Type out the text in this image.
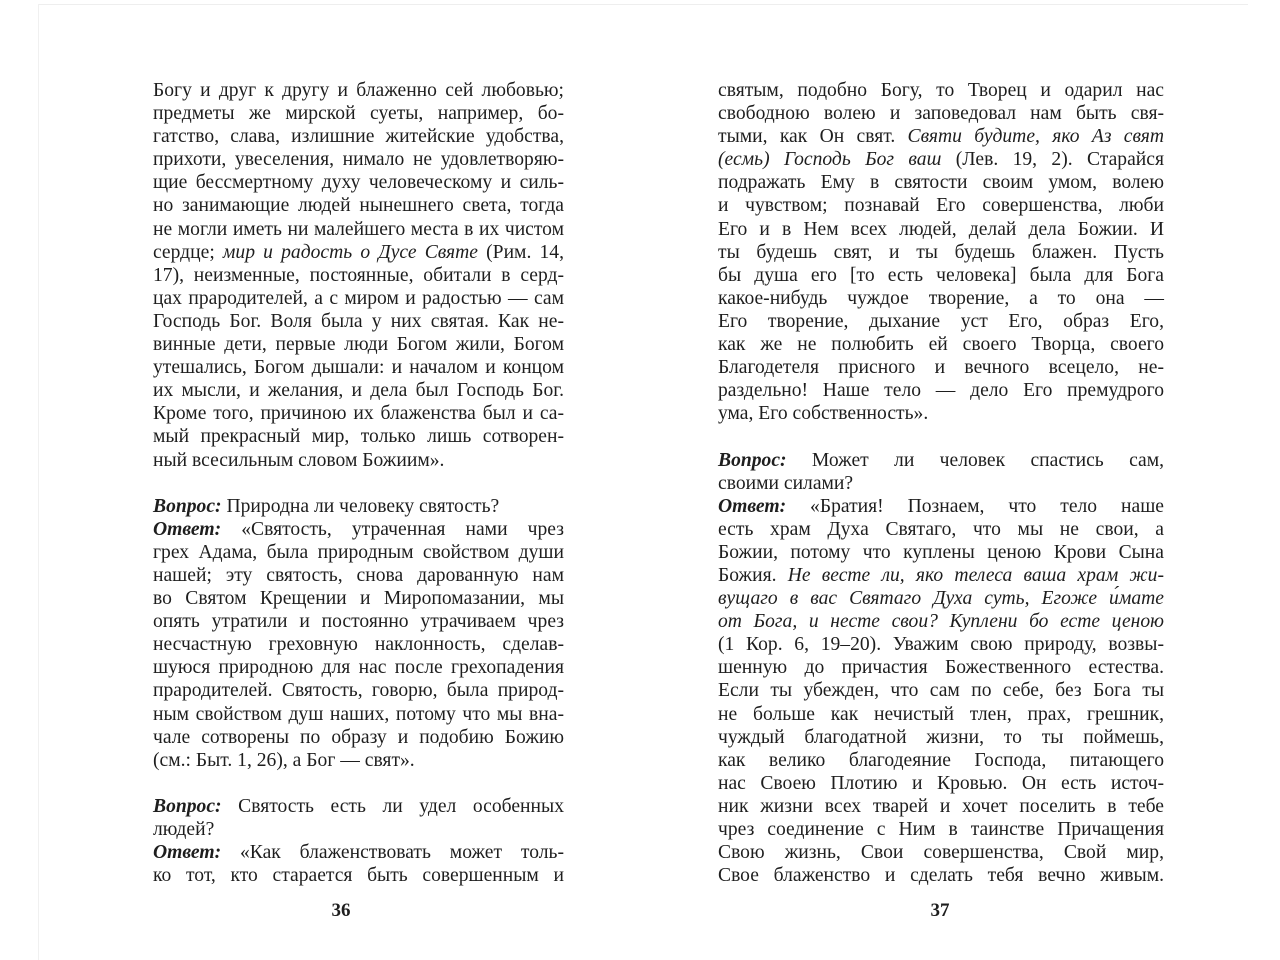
Богу и друг к другу и блаженно сей любовью;
предметы же мирской суеты, например, бо-
гатство, слава, излишние житейские удобства,
прихоти, увеселения, нимало не удовлетворяю-
щие бессмертному духу человеческому и силь-
но занимающие людей нынешнего света, тогда
не могли иметь ни малейшего места в их чистом
сердце; мир и радость о Дусе Святе (Рим. 14,
17), неизменные, постоянные, обитали в серд-
цах прародителей, а с миром и радостью — сам
Господь Бог. Воля была у них святая. Как не-
винные дети, первые люди Богом жили, Богом
утешались, Богом дышали: и началом и концом
их мысли, и желания, и дела был Господь Бог.
Кроме того, причиною их блаженства был и са-
мый прекрасный мир, только лишь сотворен-
ный всесильным словом Божиим».
Вопрос: Природна ли человеку святость?
Ответ: «Святость, утраченная нами чрез
грех Адама, была природным свойством души
нашей; эту святость, снова дарованную нам
во Святом Крещении и Миропомазании, мы
опять утратили и постоянно утрачиваем чрез
несчастную греховную наклонность, сделав-
шуюся природною для нас после грехопадения
прародителей. Святость, говорю, была природ-
ным свойством душ наших, потому что мы вна-
чале сотворены по образу и подобию Божию
(см.: Быт. 1, 26), а Бог — свят».
Вопрос: Святость есть ли удел особенных
людей?
Ответ: «Как блаженствовать может толь-
ко тот, кто старается быть совершенным и
36
святым, подобно Богу, то Творец и одарил нас
свободною волею и заповедовал нам быть свя-
тыми, как Он свят. Святи будите, яко Аз свят
(есмь) Господь Бог ваш (Лев. 19, 2). Старайся
подражать Ему в святости своим умом, волею
и чувством; познавай Его совершенства, люби
Его и в Нем всех людей, делай дела Божии. И
ты будешь свят, и ты будешь блажен. Пусть
бы душа его [то есть человека] была для Бога
какое-нибудь чуждое творение, а то она —
Его творение, дыхание уст Его, образ Его,
как же не полюбить ей своего Творца, своего
Благодетеля присного и вечного всецело, не-
раздельно! Наше тело — дело Его премудрого
ума, Его собственность».
Вопрос: Может ли человек спастись сам,
своими силами?
Ответ: «Братия! Познаем, что тело наше
есть храм Духа Святаго, что мы не свои, а
Божии, потому что куплены ценою Крови Сына
Божия. Не весте ли, яко телеса ваша храм жи-
вущаго в вас Святаго Духа суть, Егоже и́мате
от Бога, и несте свои? Куплени бо есте ценою
(1 Кор. 6, 19–20). Уважим свою природу, возвы-
шенную до причастия Божественного естества.
Если ты убежден, что сам по себе, без Бога ты
не больше как нечистый тлен, прах, грешник,
чуждый благодатной жизни, то ты поймешь,
как велико благодеяние Господа, питающего
нас Своею Плотию и Кровью. Он есть источ-
ник жизни всех тварей и хочет поселить в тебе
чрез соединение с Ним в таинстве Причащения
Свою жизнь, Свои совершенства, Свой мир,
Свое блаженство и сделать тебя вечно живым.
37
